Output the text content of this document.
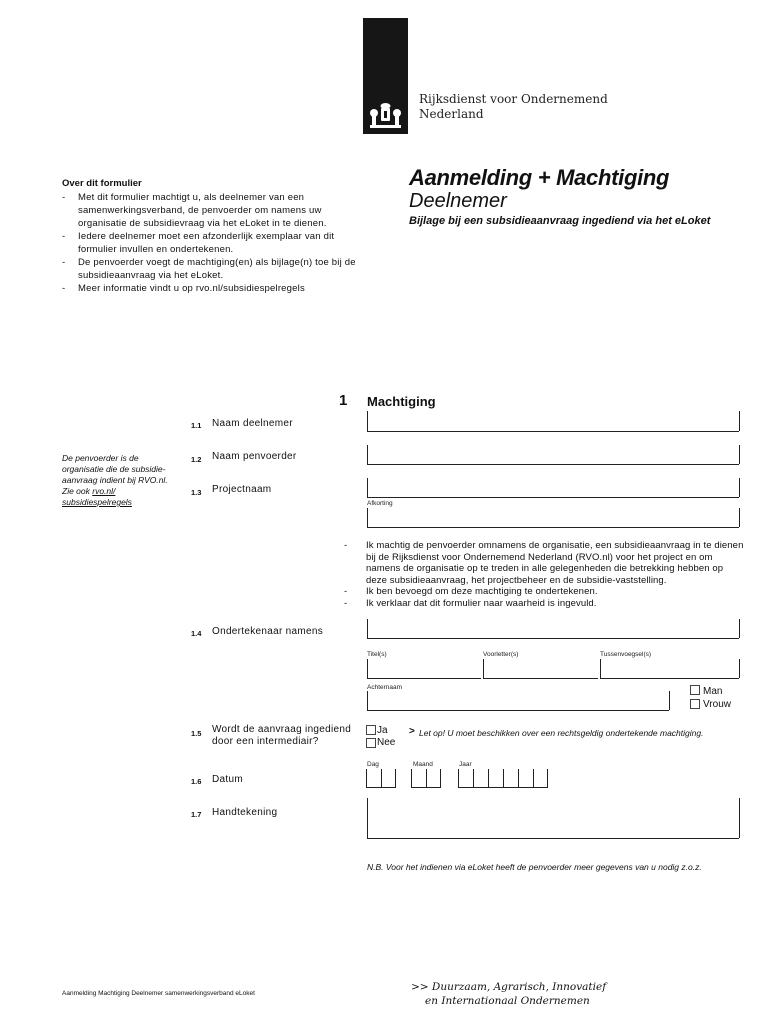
Rijksdienst voor Ondernemend
Nederland
Aanmelding + Machtiging
Deelnemer
Bijlage bij een subsidieaanvraag ingediend via het eLoket
Over dit formulier
- Met dit formulier machtigt u, als deelnemer van een samenwerkingsverband, de penvoerder om namens uw organisatie de subsidievraag via het eLoket in te dienen.
- Iedere deelnemer moet een afzonderlijk exemplaar van dit formulier invullen en ondertekenen.
- De penvoerder voegt de machtiging(en) als bijlage(n) toe bij de subsidieaanvraag via het eLoket.
- Meer informatie vindt u op rvo.nl/subsidiespelregels
1 Machtiging
De penvoerder is de organisatie die de subsidie-aanvraag indient bij RVO.nl. Zie ook rvo.nl/ subsidiespelregels
1.1 Naam deelnemer
1.2 Naam penvoerder
1.3 Projectnaam
Afkorting
- Ik machtig de penvoerder omnamens de organisatie, een subsidieaanvraag in te dienen bij de Rijksdienst voor Ondernemend Nederland (RVO.nl) voor het project en om namens de organisatie op te treden in alle gelegenheden die betrekking hebben op deze subsidieaanvraag, het projectbeheer en de subsidie-vaststelling.
- Ik ben bevoegd om deze machtiging te ondertekenen.
- Ik verklaar dat dit formulier naar waarheid is ingevuld.
1.4 Ondertekenaar namens
Titel(s)	Voorletter(s)	Tussenvoegsel(s)
Achternaam	Man
Vrouw
1.5 Wordt de aanvraag ingediend
door een intermediair?
Ja
Nee
> Let op! U moet beschikken over een rechtsgeldig ondertekende machtiging.
Dag	Maand	Jaar
1.6 Datum
1.7 Handtekening
N.B. Voor het indienen via eLoket heeft de penvoerder meer gegevens van u nodig z.o.z.
Aanmelding Machtiging Deelnemer samenwerkingsverband eLoket
>> Duurzaam, Agrarisch, Innovatief
en Internationaal Ondernemen
